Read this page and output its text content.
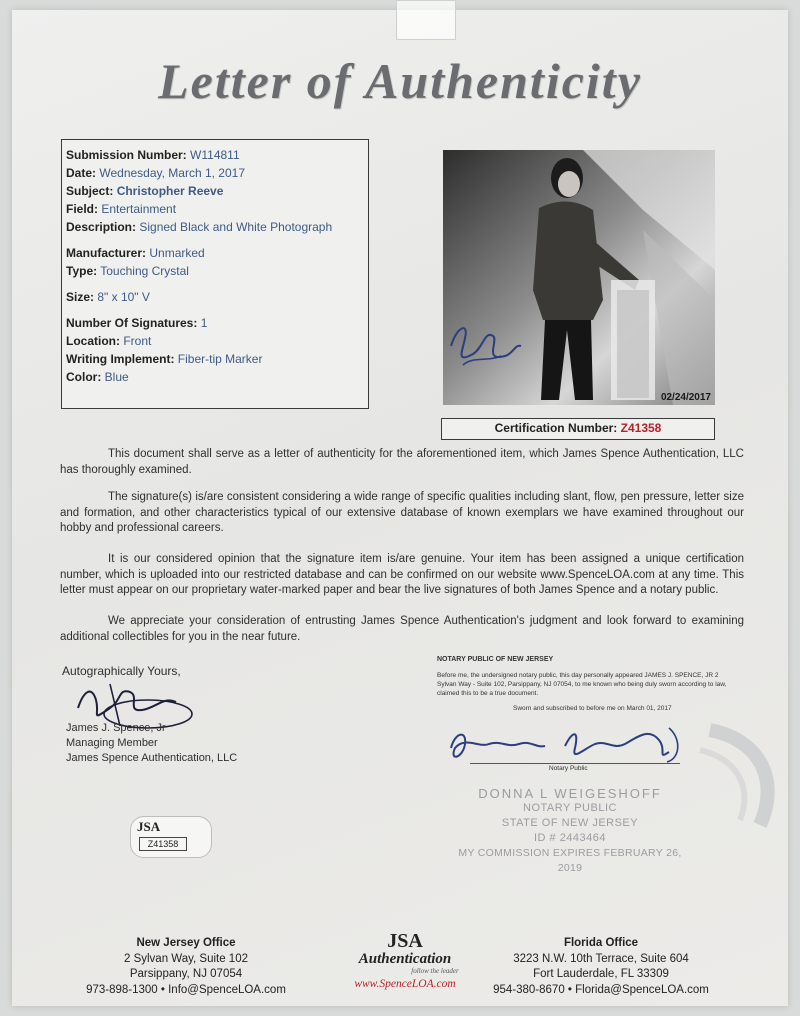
Letter of Authenticity
Submission Number: W114811
Date: Wednesday, March 1, 2017
Subject: Christopher Reeve
Field: Entertainment
Description: Signed Black and White Photograph
Manufacturer: Unmarked
Type: Touching Crystal
Size: 8" x 10" V
Number Of Signatures: 1
Location: Front
Writing Implement: Fiber-tip Marker
Color: Blue
02/24/2017
Certification Number: Z41358
This document shall serve as a letter of authenticity for the aforementioned item, which James Spence Authentication, LLC has thoroughly examined.
The signature(s) is/are consistent considering a wide range of specific qualities including slant, flow, pen pressure, letter size and formation, and other characteristics typical of our extensive database of known exemplars we have examined throughout our hobby and professional careers.
It is our considered opinion that the signature item is/are genuine. Your item has been assigned a unique certification number, which is uploaded into our restricted database and can be confirmed on our website www.SpenceLOA.com at any time. This letter must appear on our proprietary water-marked paper and bear the live signatures of both James Spence and a notary public.
We appreciate your consideration of entrusting James Spence Authentication's judgment and look forward to examining additional collectibles for you in the near future.
Autographically Yours,
James J. Spence, Jr
Managing Member
James Spence Authentication, LLC
NOTARY PUBLIC OF NEW JERSEY
Before me, the undersigned notary public, this day personally appeared JAMES J. SPENCE, JR 2 Sylvan Way - Suite 102, Parsippany, NJ 07054, to me known who being duly sworn according to law, claimed this to be a true document.
Sworn and subscribed to before me on March 01, 2017
Notary Public
DONNA L WEIGESHOFF
NOTARY PUBLIC
STATE OF NEW JERSEY
ID # 2443464
MY COMMISSION EXPIRES FEBRUARY 26, 2019
JSA
Z41358
New Jersey Office
2 Sylvan Way, Suite 102
Parsippany, NJ 07054
973-898-1300 • Info@SpenceLOA.com
JSA
Authentication
follow the leader
www.SpenceLOA.com
Florida Office
3223 N.W. 10th Terrace, Suite 604
Fort Lauderdale, FL 33309
954-380-8670 • Florida@SpenceLOA.com
